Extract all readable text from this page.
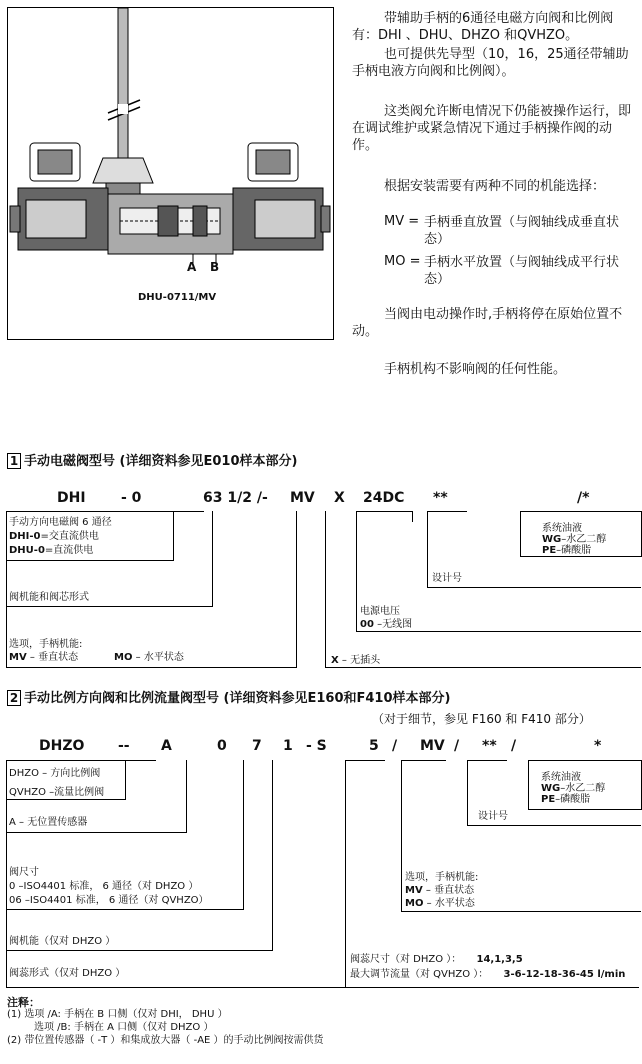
A B
DHU-0711/MV
带辅助手柄的6通径电磁方向阀和比例阀有：DHI 、DHU、DHZO 和QVHZO。
也可提供先导型（10，16，25通径带辅助手柄电液方向阀和比例阀）。
这类阀允许断电情况下仍能被操作运行，即在调试维护或紧急情况下通过手柄操作阀的动作。
根据安装需要有两种不同的机能选择：
MV = 手柄垂直放置（与阀轴线成垂直状态）
MO = 手柄水平放置（与阀轴线成平行状态）
当阀由电动操作时,手柄将停在原始位置不动。
手柄机构不影响阀的任何性能。
1 手动电磁阀型号 (详细资料参见E010样本部分)
DHI	- 0	63 1/2 /- MV X 24DC **	/*
手动方向电磁阀 6 通径
DHI-0=交直流供电
DHU-0=直流供电
系统油液
WG–水乙二醇
PE–磷酸脂
设计号
阀机能和阀芯形式
电源电压
00 –无线图
选项，手柄机能:
MV – 垂直状态	MO – 水平状态	X – 无插头
2 手动比例方向阀和比例流量阀型号 (详细资料参见E160和F410样本部分)
（对于细节，参见 F160 和 F410 部分）
DHZO -- A	0 7 1 - S	5 / MV / ** /	*
DHZO – 方向比例阀
QVHZO –流量比例阀
A – 无位置传感器
阀尺寸
0 –ISO4401 标准， 6 通径（对 DHZO ）
06 –ISO4401 标准， 6 通径（对 QVHZO）
阀机能（仅对 DHZO ）
阀蕊形式（仅对 DHZO ）
系统油液
WG–水乙二醇
PE–磷酸脂
设计号
选项，手柄机能:
MV – 垂直状态
MO – 水平状态
阀蕊尺寸（对 DHZO ）： 14,1,3,5
最大调节流量（对 QVHZO ）： 3-6-12-18-36-45 l/min
注释：
(1) 选项 /A: 手柄在 B 口侧（仅对 DHI， DHU ）
选项 /B: 手柄在 A 口侧（仅对 DHZO ）
(2) 带位置传感器（ -T ）和集成放大器（ -AE ）的手动比例阀按需供货
